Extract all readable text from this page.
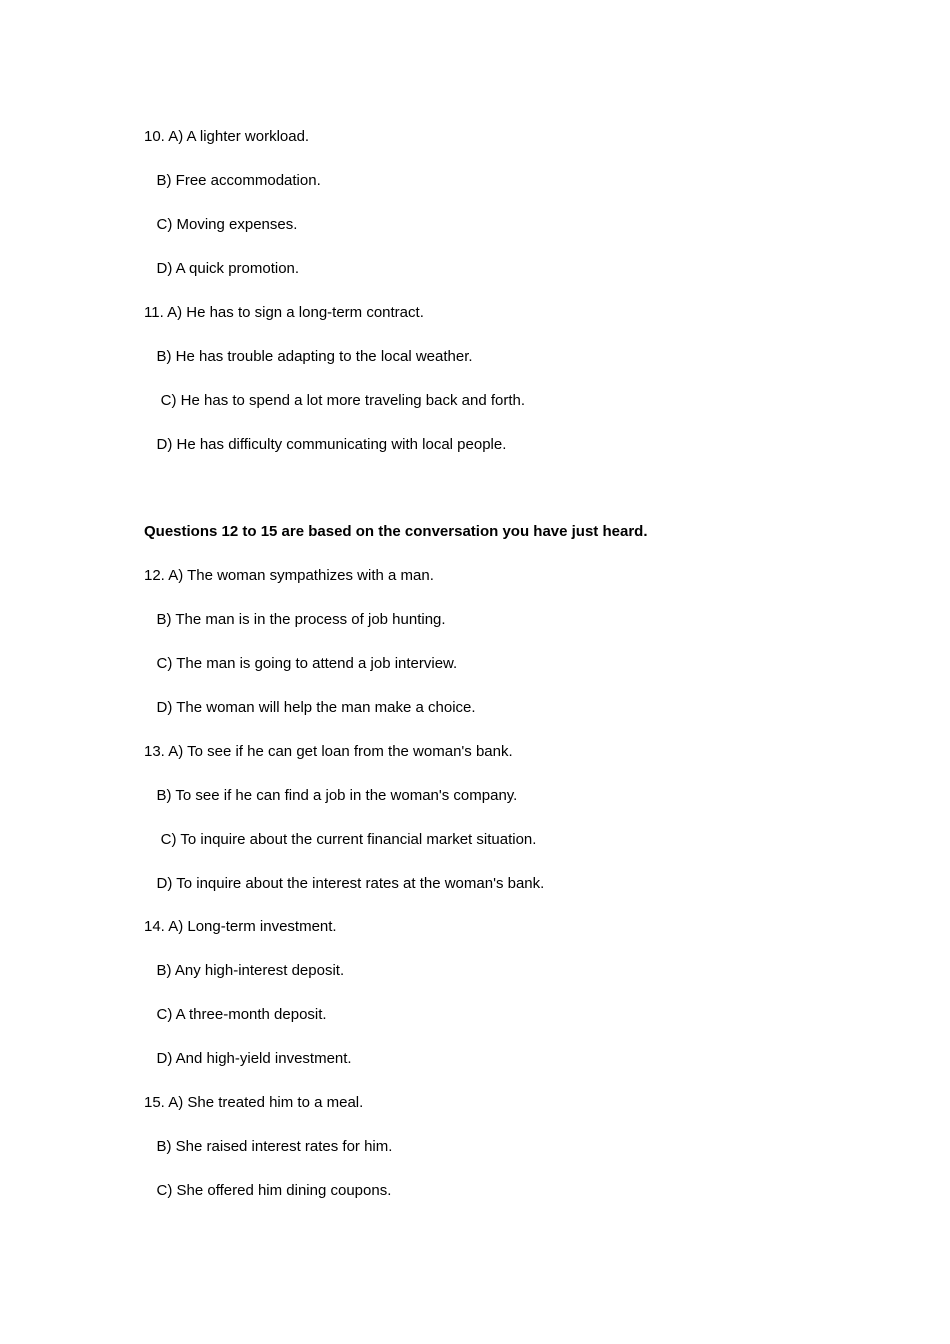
10. A) A lighter workload.
B) Free accommodation.
C) Moving expenses.
D) A quick promotion.
11. A) He has to sign a long-term contract.
B) He has trouble adapting to the local weather.
C) He has to spend a lot more traveling back and forth.
D) He has difficulty communicating with local people.
Questions 12 to 15 are based on the conversation you have just heard.
12. A) The woman sympathizes with a man.
B) The man is in the process of job hunting.
C) The man is going to attend a job interview.
D) The woman will help the man make a choice.
13. A) To see if he can get loan from the woman's bank.
B) To see if he can find a job in the woman's company.
C) To inquire about the current financial market situation.
D) To inquire about the interest rates at the woman's bank.
14. A) Long-term investment.
B) Any high-interest deposit.
C) A three-month deposit.
D) And high-yield investment.
15. A) She treated him to a meal.
B) She raised interest rates for him.
C) She offered him dining coupons.
